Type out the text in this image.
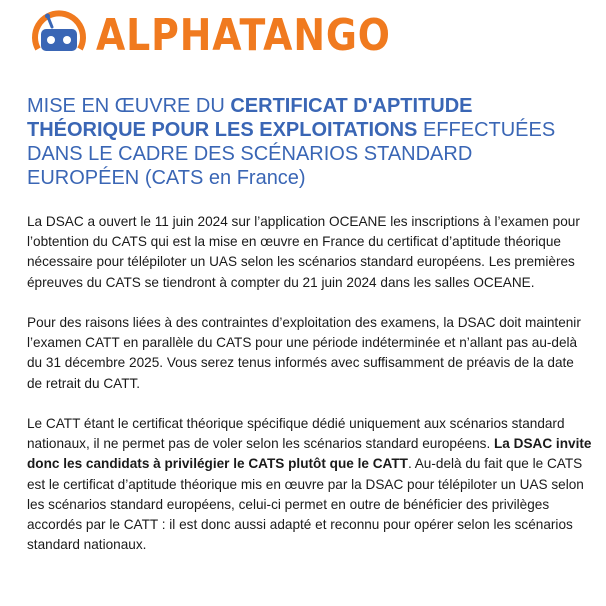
ALPHATANGO
MISE EN ŒUVRE DU CERTIFICAT D'APTITUDE THÉORIQUE POUR LES EXPLOITATIONS EFFECTUÉES DANS LE CADRE DES SCÉNARIOS STANDARD EUROPÉEN (CATS en France)

La DSAC a ouvert le 11 juin 2024 sur l’application OCEANE les inscriptions à l’examen pour l’obtention du CATS qui est la mise en œuvre en France du certificat d’aptitude théorique nécessaire pour télépiloter un UAS selon les scénarios standard européens. Les premières épreuves du CATS se tiendront à compter du 21 juin 2024 dans les salles OCEANE.

Pour des raisons liées à des contraintes d’exploitation des examens, la DSAC doit maintenir l’examen CATT en parallèle du CATS pour une période indéterminée et n’allant pas au-delà du 31 décembre 2025. Vous serez tenus informés avec suffisamment de préavis de la date de retrait du CATT.

Le CATT étant le certificat théorique spécifique dédié uniquement aux scénarios standard nationaux, il ne permet pas de voler selon les scénarios standard européens. La DSAC invite donc les candidats à privilégier le CATS plutôt que le CATT. Au-delà du fait que le CATS est le certificat d’aptitude théorique mis en œuvre par la DSAC pour télépiloter un UAS selon les scénarios standard européens, celui-ci permet en outre de bénéficier des privilèges accordés par le CATT : il est donc aussi adapté et reconnu pour opérer selon les scénarios standard nationaux.
